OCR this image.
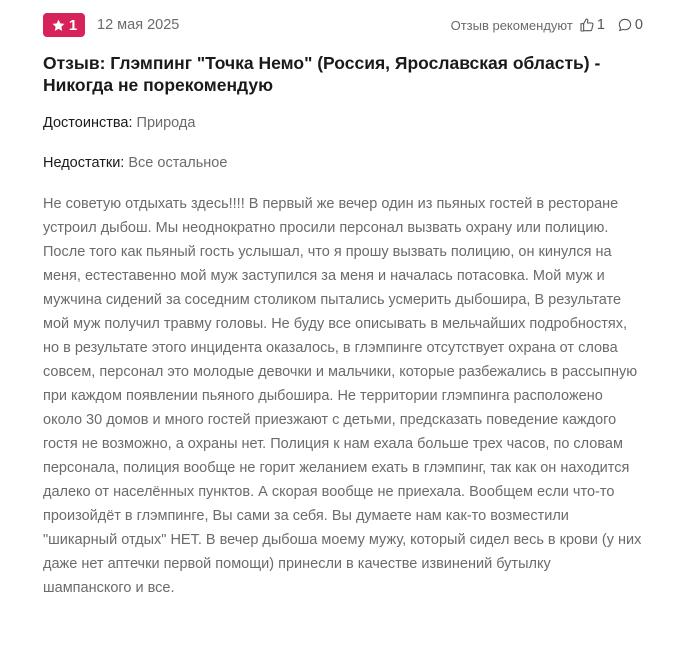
1 12 мая 2025	Отзыв рекомендуют 1 0
Отзыв: Глэмпинг "Точка Немо" (Россия, Ярославская область) - Никогда не порекомендую
Достоинства: Природа
Недостатки: Все остальное
Не советую отдыхать здесь!!!! В первый же вечер один из пьяных гостей в ресторане устроил дыбош. Мы неоднократно просили персонал вызвать охрану или полицию. После того как пьяный гость услышал, что я прошу вызвать полицию, он кинулся на меня, естеставенно мой муж заступился за меня и началась потасовка. Мой муж и мужчина сидений за соседним столиком пытались усмерить дыбошира, В результате мой муж получил травму головы. Не буду все описывать в мельчайших подробностях, но в результате этого инцидента оказалось, в глэмпинге отсутствует охрана от слова совсем, персонал это молодые девочки и мальчики, которые разбежались в рассыпную при каждом появлении пьяного дыбошира. Не территории глэмпинга расположено около 30 домов и много гостей приезжают с детьми, предсказать поведение каждого гостя не возможно, а охраны нет. Полиция к нам ехала больше трех часов, по словам персонала, полиция вообще не горит желанием ехать в глэмпинг, так как он находится далеко от населённых пунктов. А скорая вообще не приехала. Вообщем если что-то произойдёт в глэмпинге, Вы сами за себя. Вы думаете нам как-то возместили "шикарный отдых" НЕТ. В вечер дыбоша моему мужу, который сидел весь в крови (у них даже нет аптечки первой помощи) принесли в качестве извинений бутылку шампанского и все.
